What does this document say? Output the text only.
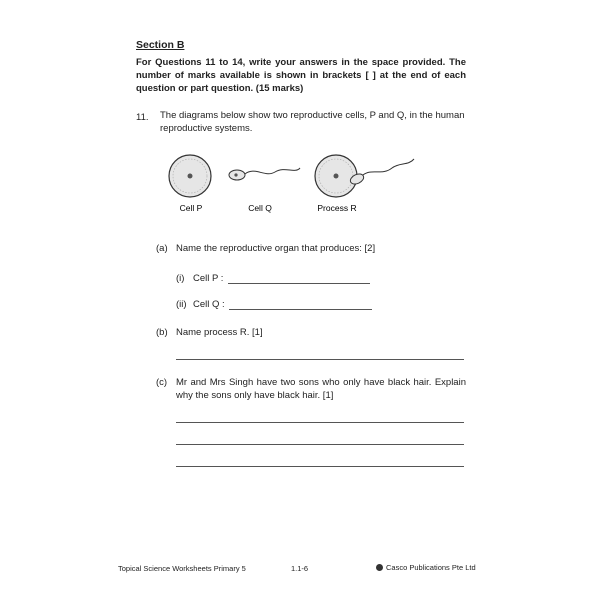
Section B
For Questions 11 to 14, write your answers in the space provided. The number of marks available is shown in brackets [ ] at the end of each question or part question. (15 marks)
11. The diagrams below show two reproductive cells, P and Q, in the human reproductive systems.
Cell P	Cell Q	Process R
(a) Name the reproductive organ that produces: [2]
(i) Cell P :
(ii) Cell Q :
(b) Name process R. [1]
(c) Mr and Mrs Singh have two sons who only have black hair. Explain why the sons only have black hair. [1]
Topical Science Worksheets Primary 5	1.1-6	Casco Publications Pte Ltd
